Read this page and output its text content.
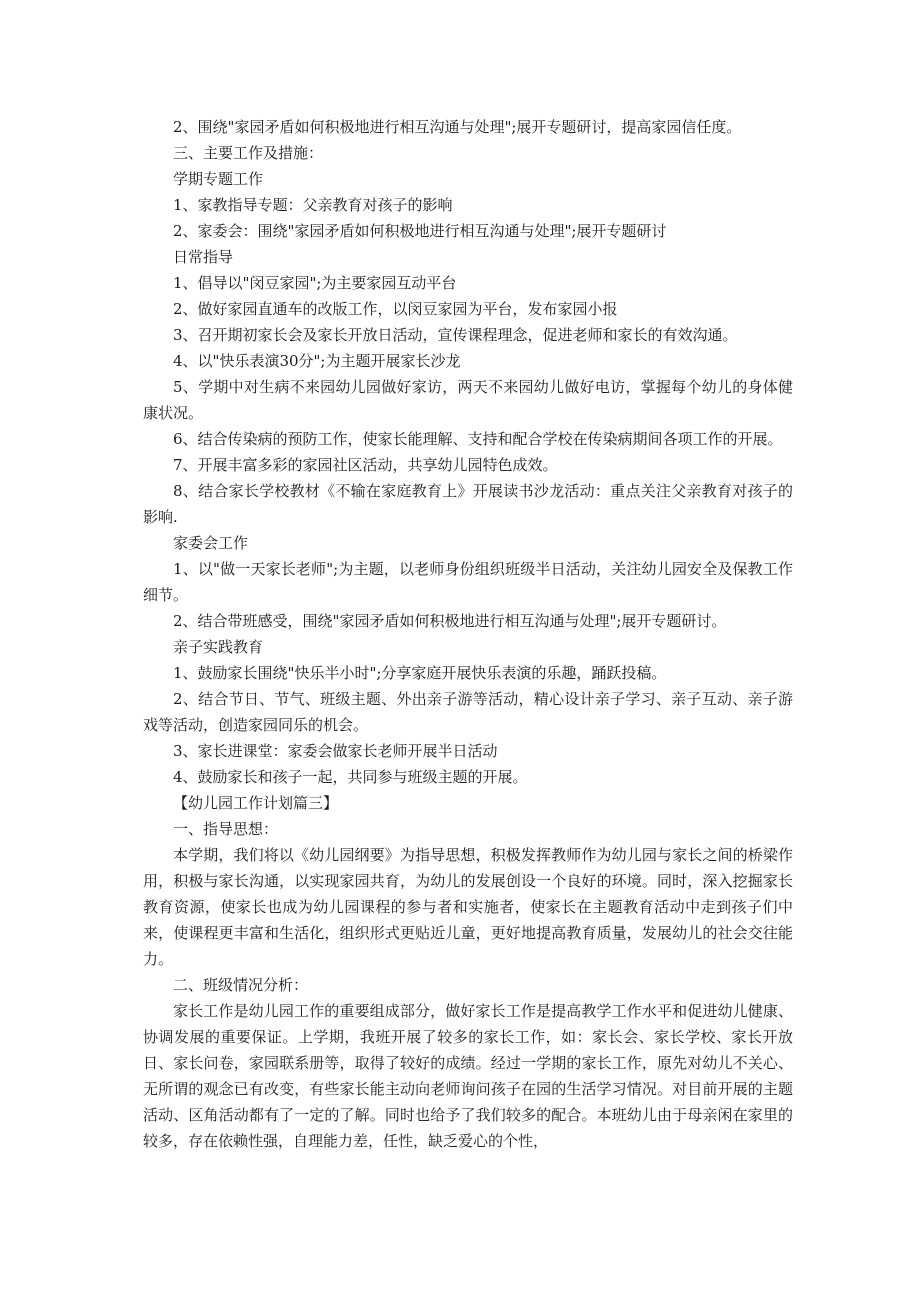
2、围绕"家园矛盾如何积极地进行相互沟通与处理";展开专题研讨，提高家园信任度。

三、主要工作及措施：

学期专题工作

1、家教指导专题：父亲教育对孩子的影响

2、家委会：围绕"家园矛盾如何积极地进行相互沟通与处理";展开专题研讨

日常指导

1、倡导以"闵豆家园";为主要家园互动平台

2、做好家园直通车的改版工作，以闵豆家园为平台，发布家园小报

3、召开期初家长会及家长开放日活动，宣传课程理念，促进老师和家长的有效沟通。

4、以"快乐表演30分";为主题开展家长沙龙

5、学期中对生病不来园幼儿园做好家访，两天不来园幼儿做好电访，掌握每个幼儿的身体健康状况。

6、结合传染病的预防工作，使家长能理解、支持和配合学校在传染病期间各项工作的开展。

7、开展丰富多彩的家园社区活动，共享幼儿园特色成效。

8、结合家长学校教材《不输在家庭教育上》开展读书沙龙活动：重点关注父亲教育对孩子的影响.

家委会工作

1、以"做一天家长老师";为主题，以老师身份组织班级半日活动，关注幼儿园安全及保教工作细节。

2、结合带班感受，围绕"家园矛盾如何积极地进行相互沟通与处理";展开专题研讨。

亲子实践教育

1、鼓励家长围绕"快乐半小时";分享家庭开展快乐表演的乐趣，踊跃投稿。

2、结合节日、节气、班级主题、外出亲子游等活动，精心设计亲子学习、亲子互动、亲子游戏等活动，创造家园同乐的机会。

3、家长进课堂：家委会做家长老师开展半日活动

4、鼓励家长和孩子一起，共同参与班级主题的开展。

【幼儿园工作计划篇三】

一、指导思想：

本学期，我们将以《幼儿园纲要》为指导思想，积极发挥教师作为幼儿园与家长之间的桥梁作用，积极与家长沟通，以实现家园共育，为幼儿的发展创设一个良好的环境。同时，深入挖掘家长教育资源，使家长也成为幼儿园课程的参与者和实施者，使家长在主题教育活动中走到孩子们中来，使课程更丰富和生活化，组织形式更贴近儿童，更好地提高教育质量，发展幼儿的社会交往能力。

二、班级情况分析：

家长工作是幼儿园工作的重要组成部分，做好家长工作是提高教学工作水平和促进幼儿健康、协调发展的重要保证。上学期，我班开展了较多的家长工作，如：家长会、家长学校、家长开放日、家长问卷，家园联系册等，取得了较好的成绩。经过一学期的家长工作，原先对幼儿不关心、无所谓的观念已有改变，有些家长能主动向老师询问孩子在园的生活学习情况。对目前开展的主题活动、区角活动都有了一定的了解。同时也给予了我们较多的配合。本班幼儿由于母亲闲在家里的较多，存在依赖性强，自理能力差，任性，缺乏爱心的个性，
